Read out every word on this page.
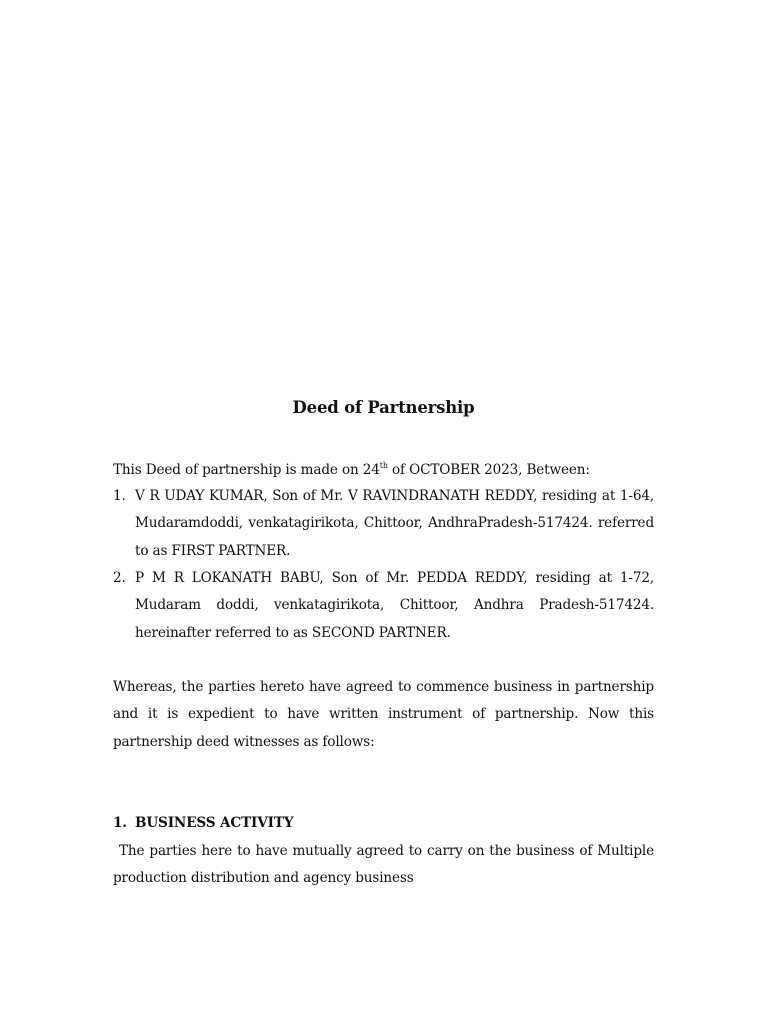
Deed of Partnership
This Deed of partnership is made on 24th of OCTOBER 2023, Between:
1. V R UDAY KUMAR, Son of Mr. V RAVINDRANATH REDDY, residing at 1-64, Mudaramdoddi, venkatagirikota, Chittoor, AndhraPradesh-517424. referred to as FIRST PARTNER.
2. P M R LOKANATH BABU, Son of Mr. PEDDA REDDY, residing at 1-72, Mudaram doddi, venkatagirikota, Chittoor, Andhra Pradesh-517424. hereinafter referred to as SECOND PARTNER.
Whereas, the parties hereto have agreed to commence business in partnership and it is expedient to have written instrument of partnership. Now this partnership deed witnesses as follows:
1. BUSINESS ACTIVITY
The parties here to have mutually agreed to carry on the business of Multiple production distribution and agency business
